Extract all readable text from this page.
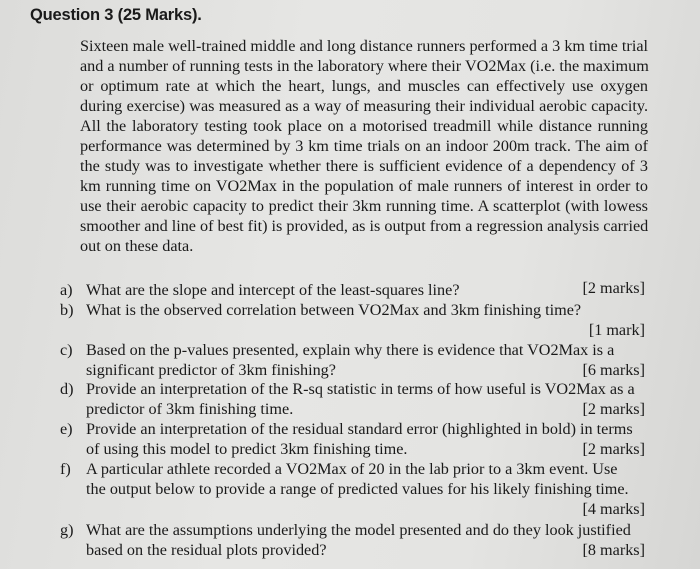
Question 3 (25 Marks).
Sixteen male well-trained middle and long distance runners performed a 3 km time trial
and a number of running tests in the laboratory where their VO2Max (i.e. the maximum
or optimum rate at which the heart, lungs, and muscles can effectively use oxygen
during exercise) was measured as a way of measuring their individual aerobic capacity.
All the laboratory testing took place on a motorised treadmill while distance running
performance was determined by 3 km time trials on an indoor 200m track. The aim of
the study was to investigate whether there is sufficient evidence of a dependency of 3
km running time on VO2Max in the population of male runners of interest in order to
use their aerobic capacity to predict their 3km running time. A scatterplot (with lowess
smoother and line of best fit) is provided, as is output from a regression analysis carried
out on these data.
a) What are the slope and intercept of the least-squares line?	[2 marks]
b) What is the observed correlation between VO2Max and 3km finishing time?
[1 mark]
c) Based on the p-values presented, explain why there is evidence that VO2Max is a
significant predictor of 3km finishing?	[6 marks]
d) Provide an interpretation of the R-sq statistic in terms of how useful is VO2Max as a
predictor of 3km finishing time.	[2 marks]
e) Provide an interpretation of the residual standard error (highlighted in bold) in terms
of using this model to predict 3km finishing time.	[2 marks]
f) A particular athlete recorded a VO2Max of 20 in the lab prior to a 3km event. Use
the output below to provide a range of predicted values for his likely finishing time.
[4 marks]
g) What are the assumptions underlying the model presented and do they look justified
based on the residual plots provided?	[8 marks]
